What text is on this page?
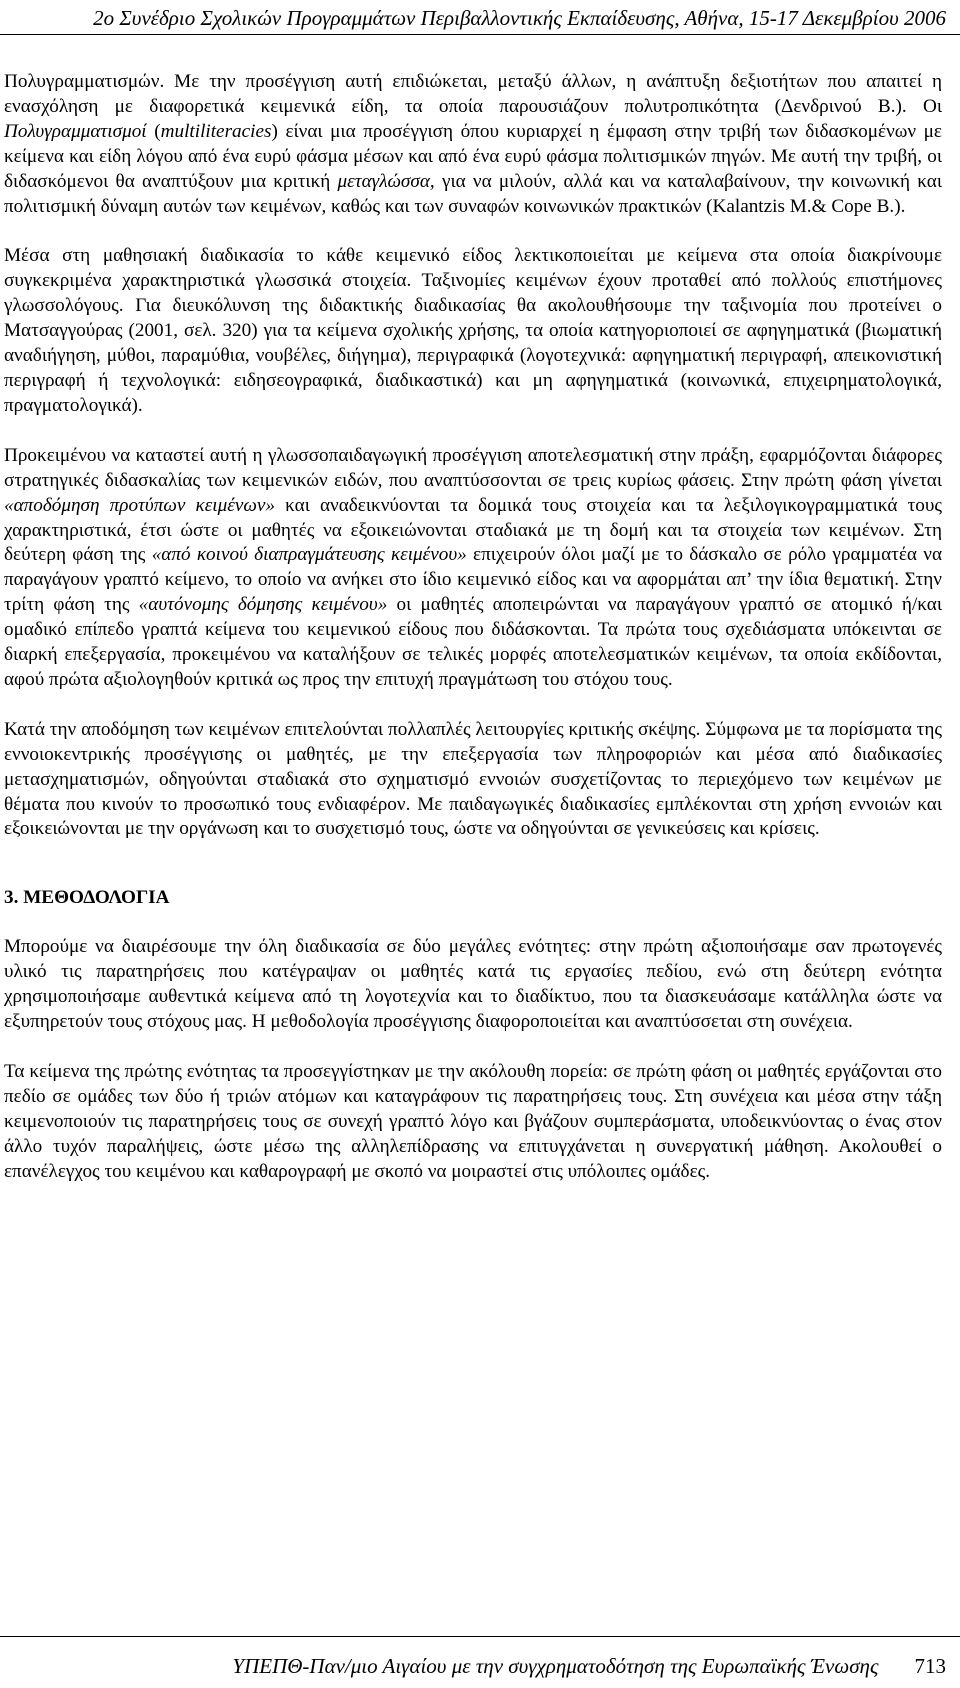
2ο Συνέδριο Σχολικών Προγραμμάτων Περιβαλλοντικής Εκπαίδευσης, Αθήνα, 15-17 Δεκεμβρίου 2006

Πολυγραμματισμών. Με την προσέγγιση αυτή επιδιώκεται, μεταξύ άλλων, η ανάπτυξη δεξιοτήτων που απαιτεί η ενασχόληση με διαφορετικά κειμενικά είδη, τα οποία παρουσιάζουν πολυτροπικότητα (Δενδρινού Β.). Οι Πολυγραμματισμοί (multiliteracies) είναι μια προσέγγιση όπου κυριαρχεί η έμφαση στην τριβή των διδασκομένων με κείμενα και είδη λόγου από ένα ευρύ φάσμα μέσων και από ένα ευρύ φάσμα πολιτισμικών πηγών. Με αυτή την τριβή, οι διδασκόμενοι θα αναπτύξουν μια κριτική μεταγλώσσα, για να μιλούν, αλλά και να καταλαβαίνουν, την κοινωνική και πολιτισμική δύναμη αυτών των κειμένων, καθώς και των συναφών κοινωνικών πρακτικών (Kalantzis M.& Cope B.).

Μέσα στη μαθησιακή διαδικασία το κάθε κειμενικό είδος λεκτικοποιείται με κείμενα στα οποία διακρίνουμε συγκεκριμένα χαρακτηριστικά γλωσσικά στοιχεία. Ταξινομίες κειμένων έχουν προταθεί από πολλούς επιστήμονες γλωσσολόγους. Για διευκόλυνση της διδακτικής διαδικασίας θα ακολουθήσουμε την ταξινομία που προτείνει ο Ματσαγγούρας (2001, σελ. 320) για τα κείμενα σχολικής χρήσης, τα οποία κατηγοριοποιεί σε αφηγηματικά (βιωματική αναδιήγηση, μύθοι, παραμύθια, νουβέλες, διήγημα), περιγραφικά (λογοτεχνικά: αφηγηματική περιγραφή, απεικονιστική περιγραφή ή τεχνολογικά: ειδησεογραφικά, διαδικαστικά) και μη αφηγηματικά (κοινωνικά, επιχειρηματολογικά, πραγματολογικά).

Προκειμένου να καταστεί αυτή η γλωσσοπαιδαγωγική προσέγγιση αποτελεσματική στην πράξη, εφαρμόζονται διάφορες στρατηγικές διδασκαλίας των κειμενικών ειδών, που αναπτύσσονται σε τρεις κυρίως φάσεις. Στην πρώτη φάση γίνεται «αποδόμηση προτύπων κειμένων» και αναδεικνύονται τα δομικά τους στοιχεία και τα λεξιλογικογραμματικά τους χαρακτηριστικά, έτσι ώστε οι μαθητές να εξοικειώνονται σταδιακά με τη δομή και τα στοιχεία των κειμένων. Στη δεύτερη φάση της «από κοινού διαπραγμάτευσης κειμένου» επιχειρούν όλοι μαζί με το δάσκαλο σε ρόλο γραμματέα να παραγάγουν γραπτό κείμενο, το οποίο να ανήκει στο ίδιο κειμενικό είδος και να αφορμάται απ’ την ίδια θεματική. Στην τρίτη φάση της «αυτόνομης δόμησης κειμένου» οι μαθητές αποπειρώνται να παραγάγουν γραπτό σε ατομικό ή/και ομαδικό επίπεδο γραπτά κείμενα του κειμενικού είδους που διδάσκονται. Τα πρώτα τους σχεδιάσματα υπόκεινται σε διαρκή επεξεργασία, προκειμένου να καταλήξουν σε τελικές μορφές αποτελεσματικών κειμένων, τα οποία εκδίδονται, αφού πρώτα αξιολογηθούν κριτικά ως προς την επιτυχή πραγμάτωση του στόχου τους.

Κατά την αποδόμηση των κειμένων επιτελούνται πολλαπλές λειτουργίες κριτικής σκέψης. Σύμφωνα με τα πορίσματα της εννοιοκεντρικής προσέγγισης οι μαθητές, με την επεξεργασία των πληροφοριών και μέσα από διαδικασίες μετασχηματισμών, οδηγούνται σταδιακά στο σχηματισμό εννοιών συσχετίζοντας το περιεχόμενο των κειμένων με θέματα που κινούν το προσωπικό τους ενδιαφέρον. Με παιδαγωγικές διαδικασίες εμπλέκονται στη χρήση εννοιών και εξοικειώνονται με την οργάνωση και το συσχετισμό τους, ώστε να οδηγούνται σε γενικεύσεις και κρίσεις.

3. ΜΕΘΟΔΟΛΟΓΙΑ

Μπορούμε να διαιρέσουμε την όλη διαδικασία σε δύο μεγάλες ενότητες: στην πρώτη αξιοποιήσαμε σαν πρωτογενές υλικό τις παρατηρήσεις που κατέγραψαν οι μαθητές κατά τις εργασίες πεδίου, ενώ στη δεύτερη ενότητα χρησιμοποιήσαμε αυθεντικά κείμενα από τη λογοτεχνία και το διαδίκτυο, που τα διασκευάσαμε κατάλληλα ώστε να εξυπηρετούν τους στόχους μας. Η μεθοδολογία προσέγγισης διαφοροποιείται και αναπτύσσεται στη συνέχεια.

Τα κείμενα της πρώτης ενότητας τα προσεγγίστηκαν με την ακόλουθη πορεία: σε πρώτη φάση οι μαθητές εργάζονται στο πεδίο σε ομάδες των δύο ή τριών ατόμων και καταγράφουν τις παρατηρήσεις τους. Στη συνέχεια και μέσα στην τάξη κειμενοποιούν τις παρατηρήσεις τους σε συνεχή γραπτό λόγο και βγάζουν συμπεράσματα, υποδεικνύοντας ο ένας στον άλλο τυχόν παραλήψεις, ώστε μέσω της αλληλεπίδρασης να επιτυγχάνεται η συνεργατική μάθηση. Ακολουθεί ο επανέλεγχος του κειμένου και καθαρογραφή με σκοπό να μοιραστεί στις υπόλοιπες ομάδες.

ΥΠΕΠΘ-Παν/μιο Αιγαίου με την συγχρηματοδότηση της Ευρωπαϊκής Ένωσης 713
